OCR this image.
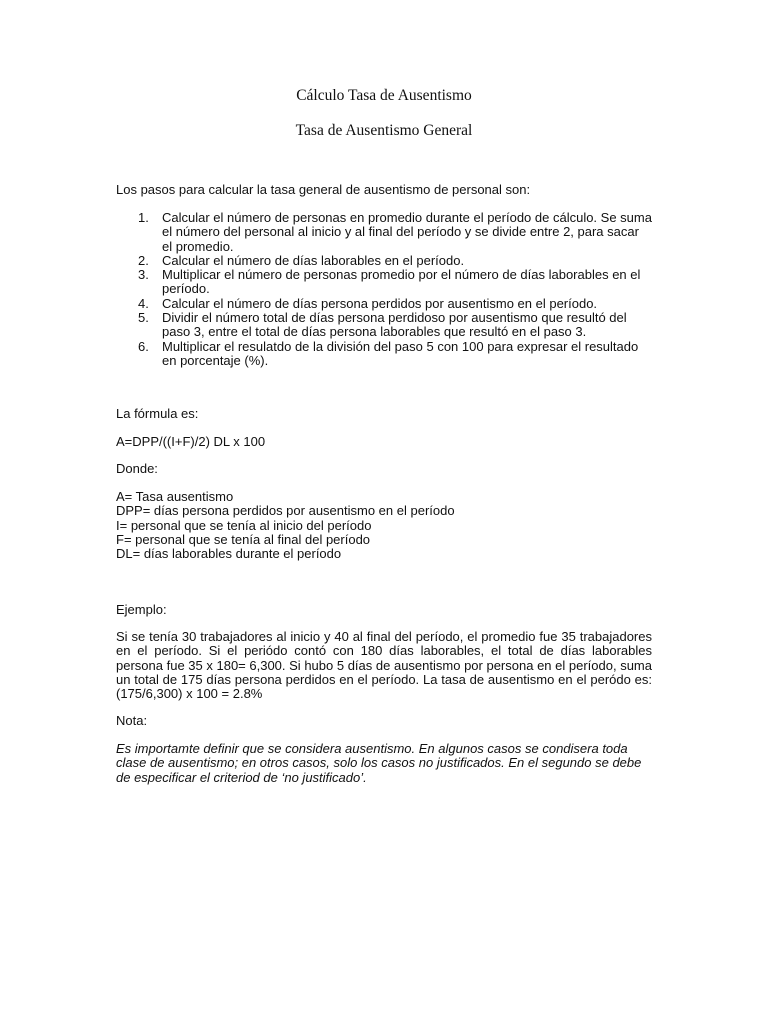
Cálculo Tasa de Ausentismo
Tasa de Ausentismo General
Los pasos para calcular la tasa general de ausentismo de personal son:
1. Calcular el número de personas en promedio durante el período de cálculo. Se suma el número del personal al inicio y al final del período y se divide entre 2, para sacar el promedio.
2. Calcular el número de días laborables en el período.
3. Multiplicar el número de personas promedio por el número de días laborables en el período.
4. Calcular el número de días persona perdidos por ausentismo en el período.
5. Dividir el número total de días persona perdidoso por ausentismo que resultó del paso 3, entre el total de días persona laborables que resultó en el paso 3.
6. Multiplicar el resulatdo de la división del paso 5 con 100 para expresar el resultado en porcentaje (%).
La fórmula es:
A=DPP/((I+F)/2) DL x 100
Donde:
A= Tasa ausentismo
DPP= días persona perdidos por ausentismo en el período
I= personal que se tenía al inicio del período
F= personal que se tenía al final del período
DL= días laborables durante el período
Ejemplo:
Si se tenía 30 trabajadores al inicio y 40 al final del período, el promedio fue 35 trabajadores en el período. Si el periódo contó con 180 días laborables, el total de días laborables persona fue 35 x 180= 6,300. Si hubo 5 días de ausentismo por persona en el período, suma un total de 175 días persona perdidos en el período. La tasa de ausentismo en el peródo es: (175/6,300) x 100 = 2.8%
Nota:
Es importamte definir que se considera ausentismo. En algunos casos se condisera toda clase de ausentismo; en otros casos, solo los casos no justificados. En el segundo se debe de especificar el criteriod de ‘no justificado’.
